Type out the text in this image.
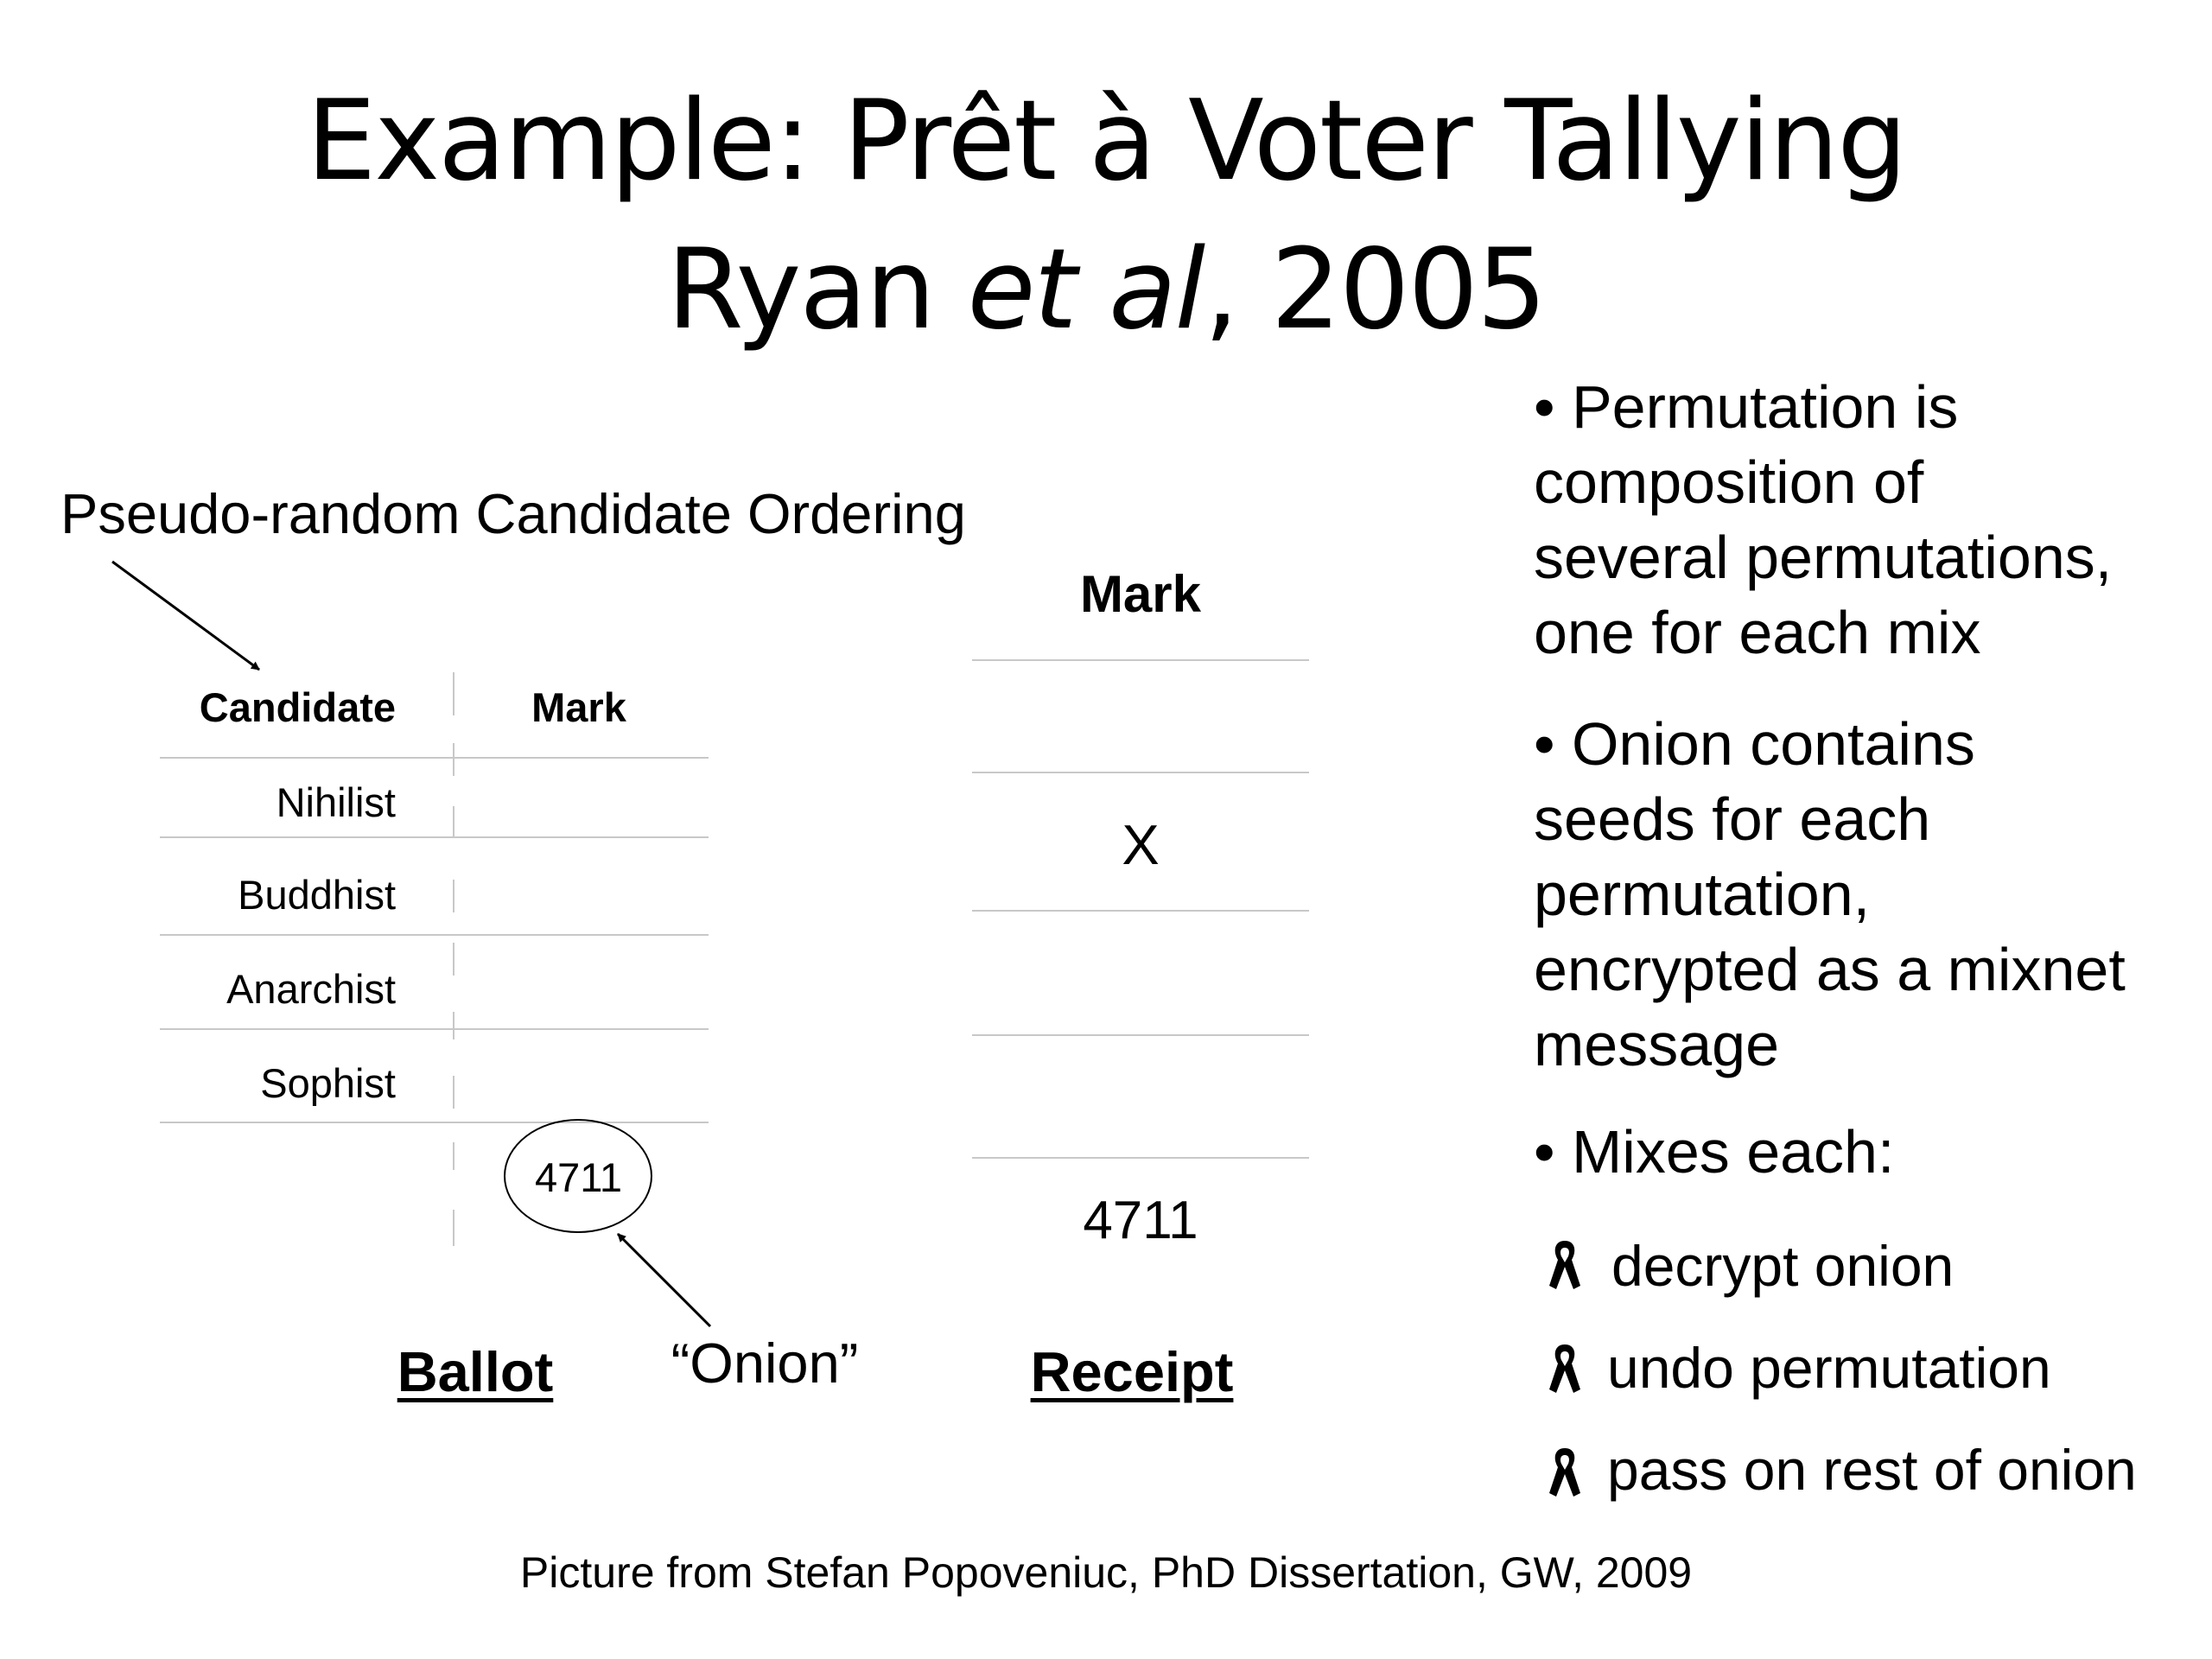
Example: Prêt à Voter Tallying
Ryan et al, 2005
Pseudo-random Candidate Ordering
Candidate	Mark
Nihilist
Buddhist
Anarchist
Sophist
4711
“Onion”
Ballot
Mark
X
4711
Receipt
• Permutation is
composition of
several permutations,
one for each mix
• Onion contains
seeds for each
permutation,
encrypted as a mixnet
message
• Mixes each:
decrypt onion
undo permutation
pass on rest of onion
Picture from Stefan Popoveniuc, PhD Dissertation, GW, 2009
